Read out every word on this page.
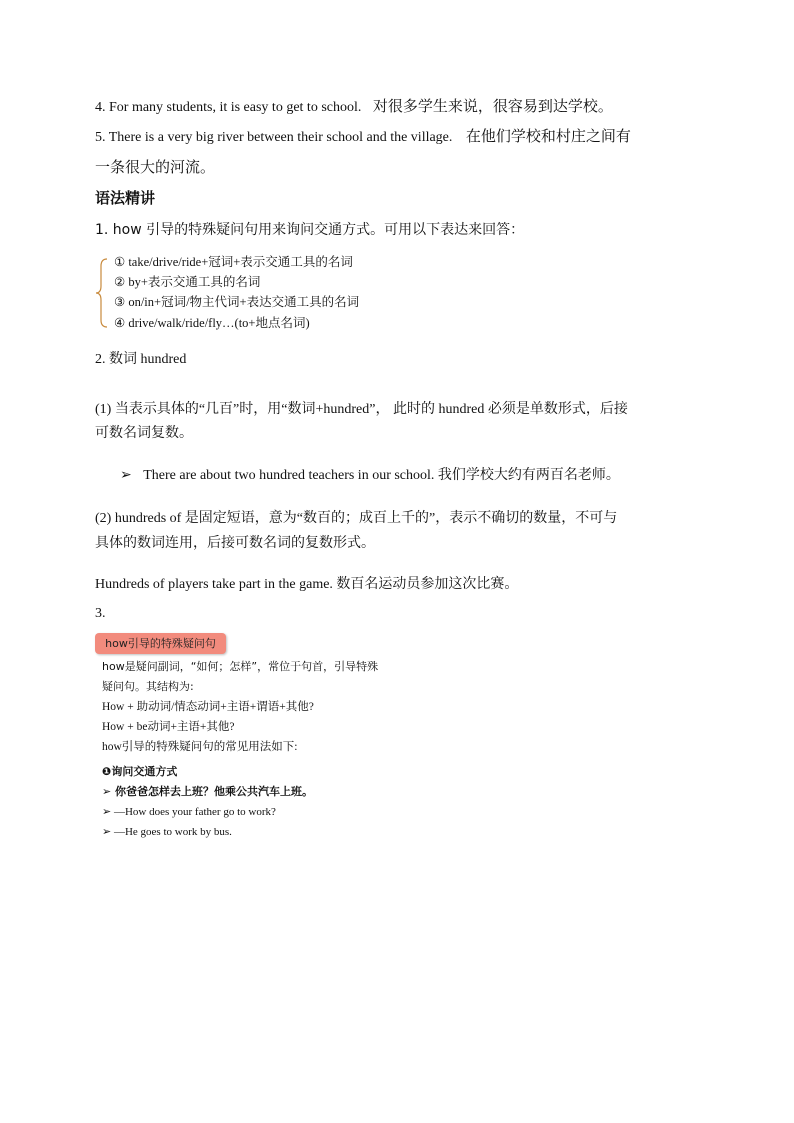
4. For many students, it is easy to get to school. 对很多学生来说，很容易到达学校。
5. There is a very big river between their school and the village. 在他们学校和村庄之间有
一条很大的河流。
语法精讲
1. how 引导的特殊疑问句用来询问交通方式。可用以下表达来回答：
① take/drive/ride+冠词+表示交通工具的名词
② by+表示交通工具的名词
③ on/in+冠词/物主代词+表达交通工具的名词
④ drive/walk/ride/fly…(to+地点名词)
2. 数词 hundred
(1) 当表示具体的“几百”时，用“数词+hundred”， 此时的 hundred 必须是单数形式，后接
可数名词复数。
➢ There are about two hundred teachers in our school. 我们学校大约有两百名老师。
(2) hundreds of 是固定短语，意为“数百的；成百上千的”，表示不确切的数量，不可与
具体的数词连用，后接可数名词的复数形式。
Hundreds of players take part in the game. 数百名运动员参加这次比赛。
3.
how引导的特殊疑问句
how是疑问副词，“如何；怎样”，常位于句首，引导特殊
疑问句。其结构为:
How + 助动词/情态动词+主语+谓语+其他?
How + be动词+主语+其他?
how引导的特殊疑问句的常见用法如下:
❶询问交通方式
➢ 你爸爸怎样去上班？他乘公共汽车上班。
➢ —How does your father go to work?
➢ —He goes to work by bus.
